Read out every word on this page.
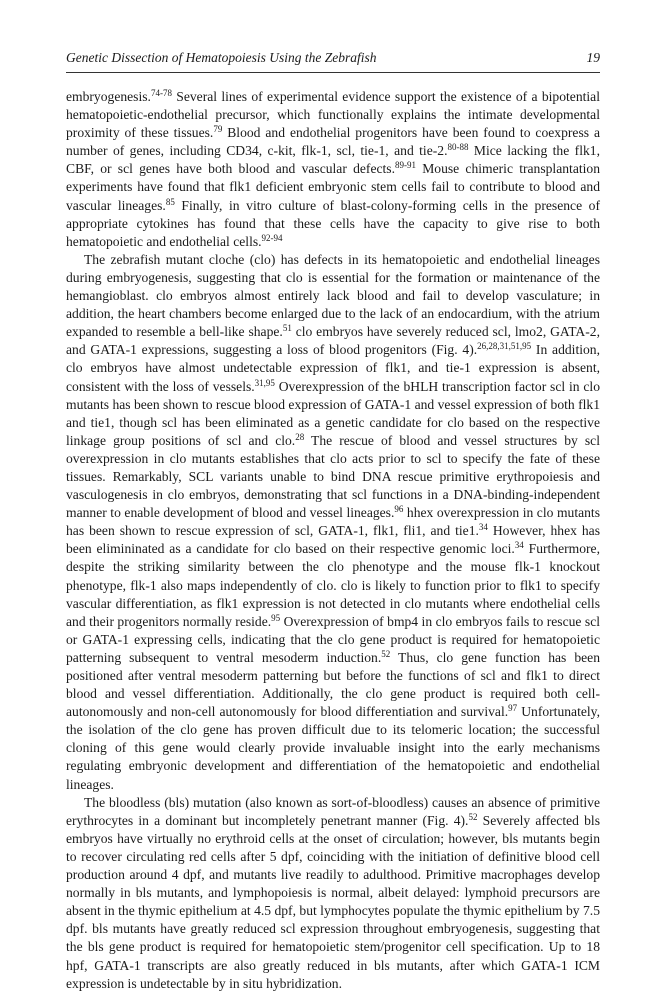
Genetic Dissection of Hematopoiesis Using the Zebrafish	19

embryogenesis.$^{74-78}$ Several lines of experimental evidence support the existence of a bipotential hematopoietic-endothelial precursor, which functionally explains the intimate developmental proximity of these tissues.$^{79}$ Blood and endothelial progenitors have been found to coexpress a number of genes, including CD34, c-kit, flk-1, scl, tie-1, and tie-2.$^{80-88}$ Mice lacking the flk1, CBF, or scl genes have both blood and vascular defects.$^{89-91}$ Mouse chimeric transplantation experiments have found that flk1 deficient embryonic stem cells fail to contribute to blood and vascular lineages.$^{85}$ Finally, in vitro culture of blast-colony-forming cells in the presence of appropriate cytokines has found that these cells have the capacity to give rise to both hematopoietic and endothelial cells.$^{92-94}$

The zebrafish mutant cloche (clo) has defects in its hematopoietic and endothelial lineages during embryogenesis, suggesting that clo is essential for the formation or maintenance of the hemangioblast. clo embryos almost entirely lack blood and fail to develop vasculature; in addition, the heart chambers become enlarged due to the lack of an endocardium, with the atrium expanded to resemble a bell-like shape.$^{51}$ clo embryos have severely reduced scl, lmo2, GATA-2, and GATA-1 expressions, suggesting a loss of blood progenitors (Fig. 4).$^{26,28,31,51,95}$ In addition, clo embryos have almost undetectable expression of flk1, and tie-1 expression is absent, consistent with the loss of vessels.$^{31,95}$ Overexpression of the bHLH transcription factor scl in clo mutants has been shown to rescue blood expression of GATA-1 and vessel expression of both flk1 and tie1, though scl has been eliminated as a genetic candidate for clo based on the respective linkage group positions of scl and clo.$^{28}$ The rescue of blood and vessel structures by scl overexpression in clo mutants establishes that clo acts prior to scl to specify the fate of these tissues. Remarkably, SCL variants unable to bind DNA rescue primitive erythropoiesis and vasculogenesis in clo embryos, demonstrating that scl functions in a DNA-binding-independent manner to enable development of blood and vessel lineages.$^{96}$ hhex overexpression in clo mutants has been shown to rescue expression of scl, GATA-1, flk1, fli1, and tie1.34 However, hhex has been elimininated as a candidate for clo based on their respective genomic loci.$^{34}$ Furthermore, despite the striking similarity between the clo phenotype and the mouse flk-1 knockout phenotype, flk-1 also maps independently of clo. clo is likely to function prior to flk1 to specify vascular differentiation, as flk1 expression is not detected in clo mutants where endothelial cells and their progenitors normally reside.$^{95}$ Overexpression of bmp4 in clo embryos fails to rescue scl or GATA-1 expressing cells, indicating that the clo gene product is required for hematopoietic patterning subsequent to ventral mesoderm induction.$^{52}$ Thus, clo gene function has been positioned after ventral mesoderm patterning but before the functions of scl and flk1 to direct blood and vessel differentiation. Additionally, the clo gene product is required both cell-autonomously and non-cell autonomously for blood differentiation and survival.$^{97}$ Unfortunately, the isolation of the clo gene has proven difficult due to its telomeric location; the successful cloning of this gene would clearly provide invaluable insight into the early mechanisms regulating embryonic development and differentiation of the hematopoietic and endothelial lineages.

The bloodless (bls) mutation (also known as sort-of-bloodless) causes an absence of primitive erythrocytes in a dominant but incompletely penetrant manner (Fig. 4).$^{52}$ Severely affected bls embryos have virtually no erythroid cells at the onset of circulation; however, bls mutants begin to recover circulating red cells after 5 dpf, coinciding with the initiation of definitive blood cell production around 4 dpf, and mutants live readily to adulthood. Primitive macrophages develop normally in bls mutants, and lymphopoiesis is normal, albeit delayed: lymphoid precursors are absent in the thymic epithelium at 4.5 dpf, but lymphocytes populate the thymic epithelium by 7.5 dpf. bls mutants have greatly reduced scl expression throughout embryogenesis, suggesting that the bls gene product is required for hematopoietic stem/progenitor cell specification. Up to 18 hpf, GATA-1 transcripts are also greatly reduced in bls mutants, after which GATA-1 ICM expression is undetectable by in situ hybridization.
